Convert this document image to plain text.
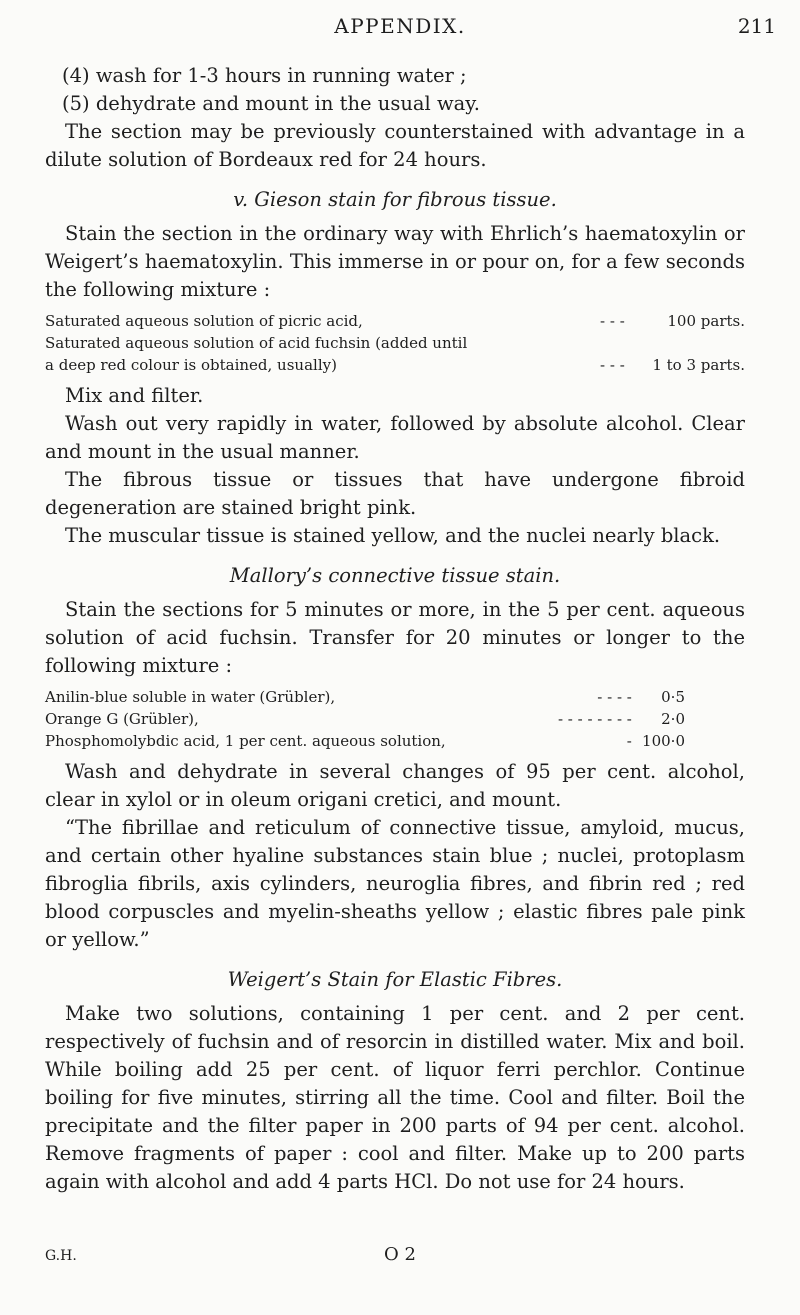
APPENDIX.	211

(4) wash for 1-3 hours in running water ;

(5) dehydrate and mount in the usual way.

The section may be previously counterstained with advantage in a dilute solution of Bordeaux red for 24 hours.

v. Gieson stain for fibrous tissue.

Stain the section in the ordinary way with Ehrlich’s haematoxylin or Weigert’s haematoxylin. This immerse in or pour on, for a few seconds the following mixture :

Saturated aqueous solution of picric acid,	- - -	100 parts.
Saturated aqueous solution of acid fuchsin (added until		
a deep red colour is obtained, usually)	- - -	1 to 3 parts.

Mix and filter.

Wash out very rapidly in water, followed by absolute alcohol. Clear and mount in the usual manner.

The fibrous tissue or tissues that have undergone fibroid degeneration are stained bright pink.

The muscular tissue is stained yellow, and the nuclei nearly black.

Mallory’s connective tissue stain.

Stain the sections for 5 minutes or more, in the 5 per cent. aqueous solution of acid fuchsin. Transfer for 20 minutes or longer to the following mixture :

Anilin-blue soluble in water (Grübler),	- - - -	0·5
Orange G (Grübler),	- - - - - - - -	2·0
Phosphomolybdic acid, 1 per cent. aqueous solution,	-	100·0

Wash and dehydrate in several changes of 95 per cent. alcohol, clear in xylol or in oleum origani cretici, and mount.

“The fibrillae and reticulum of connective tissue, amyloid, mucus, and certain other hyaline substances stain blue ; nuclei, protoplasm fibroglia fibrils, axis cylinders, neuroglia fibres, and fibrin red ; red blood corpuscles and myelin-sheaths yellow ; elastic fibres pale pink or yellow.”

Weigert’s Stain for Elastic Fibres.

Make two solutions, containing 1 per cent. and 2 per cent. respectively of fuchsin and of resorcin in distilled water. Mix and boil. While boiling add 25 per cent. of liquor ferri perchlor. Continue boiling for five minutes, stirring all the time. Cool and filter. Boil the precipitate and the filter paper in 200 parts of 94 per cent. alcohol. Remove fragments of paper : cool and filter. Make up to 200 parts again with alcohol and add 4 parts HCl. Do not use for 24 hours.

G.H.	O 2
